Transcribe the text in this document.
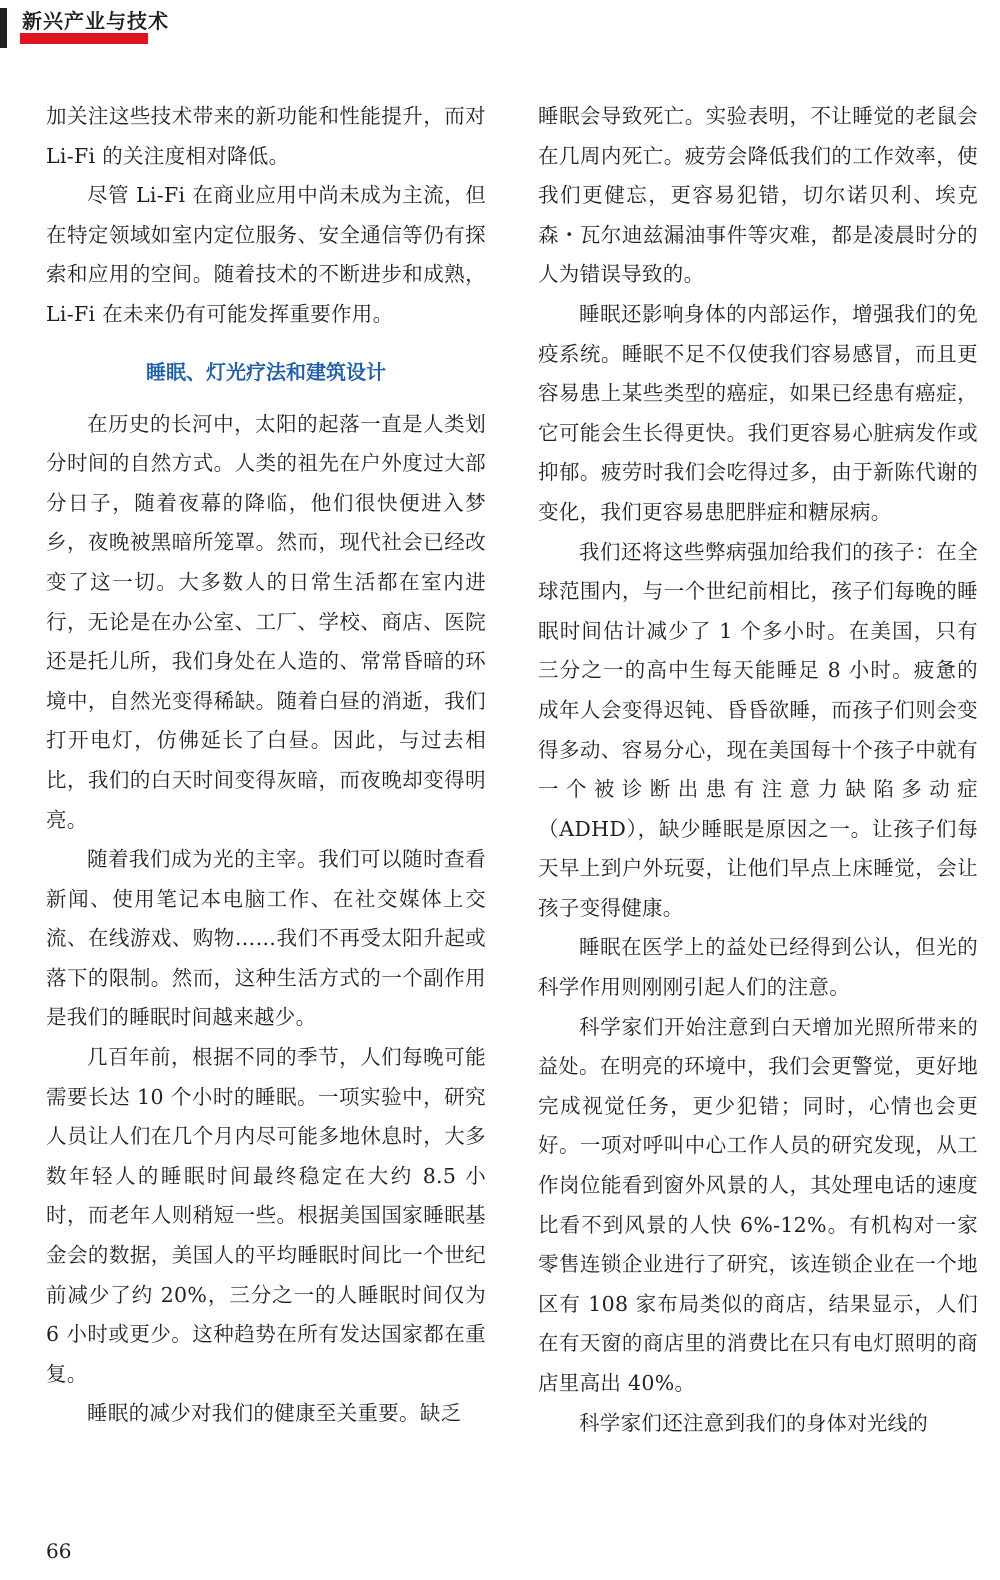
新兴产业与技术

加关注这些技术带来的新功能和性能提升，而对 Li-Fi 的关注度相对降低。

尽管 Li-Fi 在商业应用中尚未成为主流，但在特定领域如室内定位服务、安全通信等仍有探索和应用的空间。随着技术的不断进步和成熟，Li-Fi 在未来仍有可能发挥重要作用。

睡眠、灯光疗法和建筑设计

在历史的长河中，太阳的起落一直是人类划分时间的自然方式。人类的祖先在户外度过大部分日子，随着夜幕的降临，他们很快便进入梦乡，夜晚被黑暗所笼罩。然而，现代社会已经改变了这一切。大多数人的日常生活都在室内进行，无论是在办公室、工厂、学校、商店、医院还是托儿所，我们身处在人造的、常常昏暗的环境中，自然光变得稀缺。随着白昼的消逝，我们打开电灯，仿佛延长了白昼。因此，与过去相比，我们的白天时间变得灰暗，而夜晚却变得明亮。

随着我们成为光的主宰。我们可以随时查看新闻、使用笔记本电脑工作、在社交媒体上交流、在线游戏、购物……我们不再受太阳升起或落下的限制。然而，这种生活方式的一个副作用是我们的睡眠时间越来越少。

几百年前，根据不同的季节，人们每晚可能需要长达 10 个小时的睡眠。一项实验中，研究人员让人们在几个月内尽可能多地休息时，大多数年轻人的睡眠时间最终稳定在大约 8.5 小时，而老年人则稍短一些。根据美国国家睡眠基金会的数据，美国人的平均睡眠时间比一个世纪前减少了约 20%，三分之一的人睡眠时间仅为 6 小时或更少。这种趋势在所有发达国家都在重复。

睡眠的减少对我们的健康至关重要。缺乏

睡眠会导致死亡。实验表明，不让睡觉的老鼠会在几周内死亡。疲劳会降低我们的工作效率，使我们更健忘，更容易犯错，切尔诺贝利、埃克森・瓦尔迪兹漏油事件等灾难，都是凌晨时分的人为错误导致的。

睡眠还影响身体的内部运作，增强我们的免疫系统。睡眠不足不仅使我们容易感冒，而且更容易患上某些类型的癌症，如果已经患有癌症，它可能会生长得更快。我们更容易心脏病发作或抑郁。疲劳时我们会吃得过多，由于新陈代谢的变化，我们更容易患肥胖症和糖尿病。

我们还将这些弊病强加给我们的孩子：在全球范围内，与一个世纪前相比，孩子们每晚的睡眠时间估计减少了 1 个多小时。在美国，只有三分之一的高中生每天能睡足 8 小时。疲惫的成年人会变得迟钝、昏昏欲睡，而孩子们则会变得多动、容易分心，现在美国每十个孩子中就有一个被诊断出患有注意力缺陷多动症（ADHD），缺少睡眠是原因之一。让孩子们每天早上到户外玩耍，让他们早点上床睡觉，会让孩子变得健康。

睡眠在医学上的益处已经得到公认，但光的科学作用则刚刚引起人们的注意。

科学家们开始注意到白天增加光照所带来的益处。在明亮的环境中，我们会更警觉，更好地完成视觉任务，更少犯错；同时，心情也会更好。一项对呼叫中心工作人员的研究发现，从工作岗位能看到窗外风景的人，其处理电话的速度比看不到风景的人快 6%-12%。有机构对一家零售连锁企业进行了研究，该连锁企业在一个地区有 108 家布局类似的商店，结果显示，人们在有天窗的商店里的消费比在只有电灯照明的商店里高出 40%。

科学家们还注意到我们的身体对光线的

66
